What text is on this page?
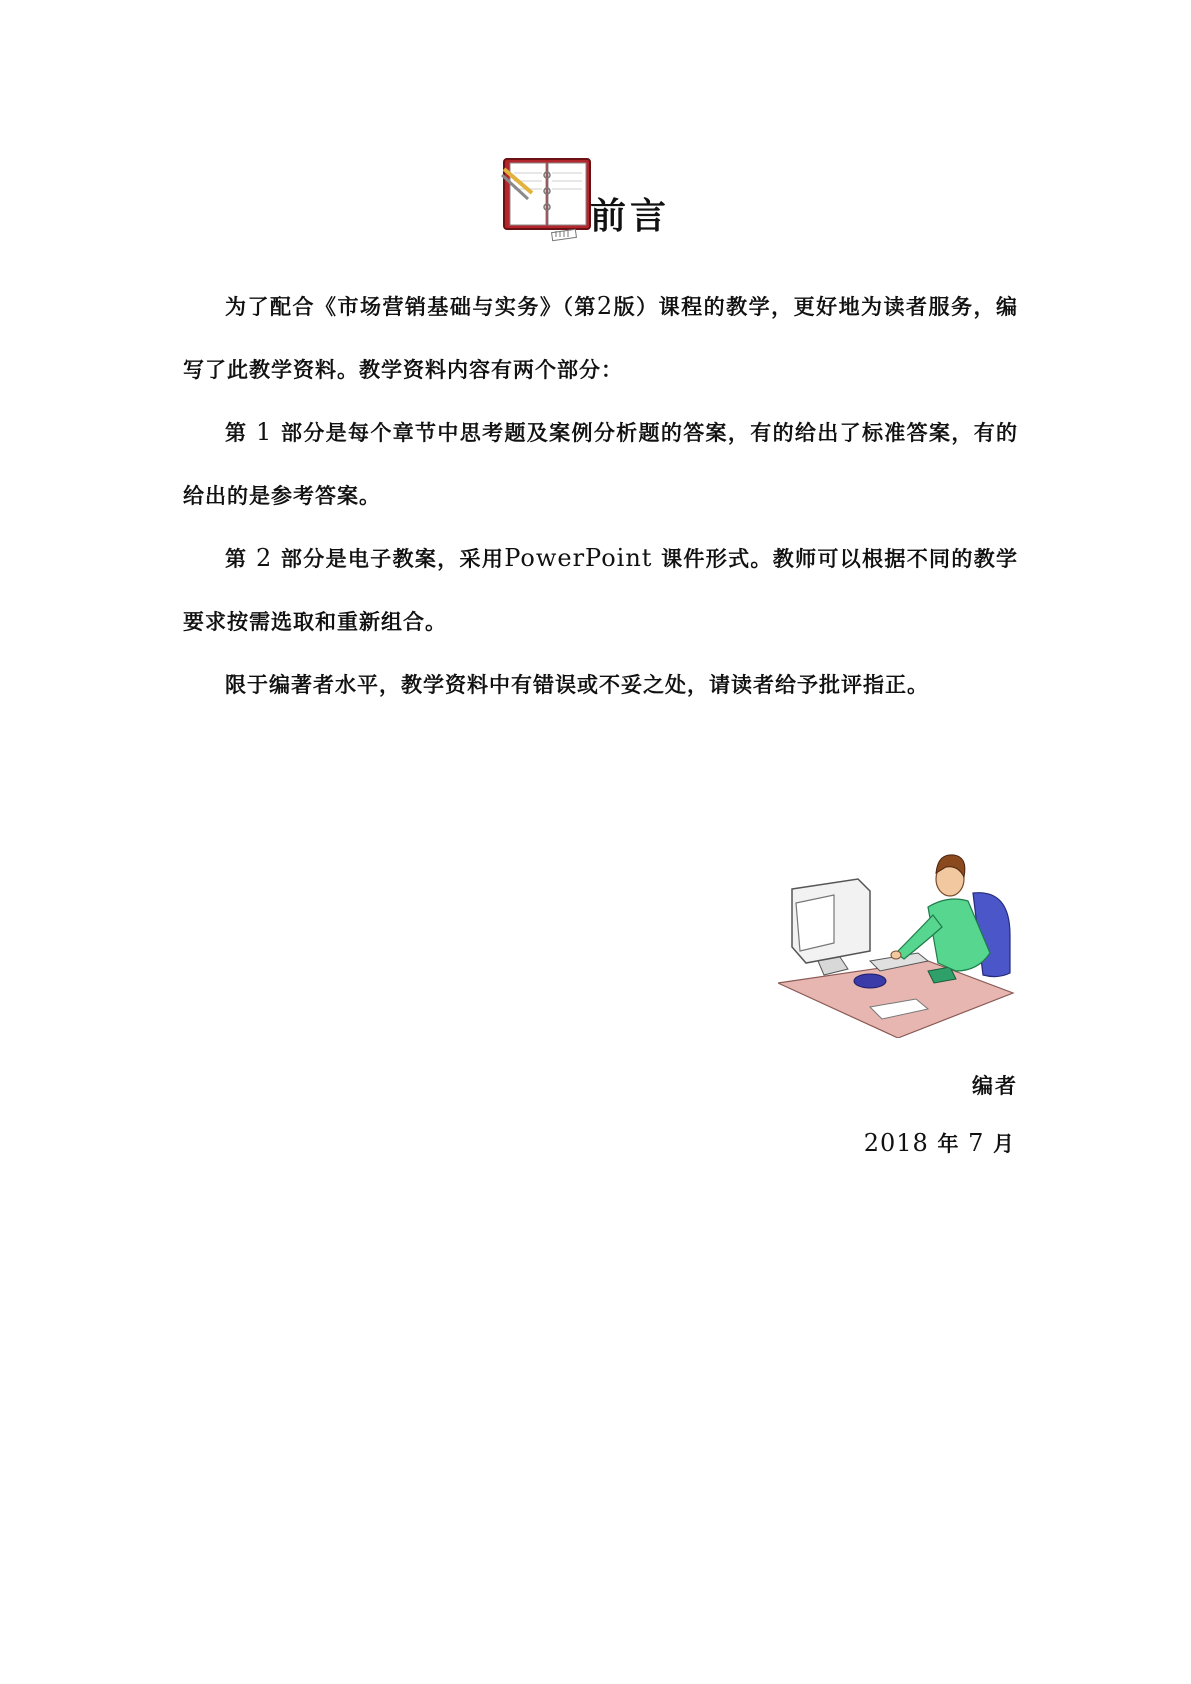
前言

为了配合《市场营销基础与实务》（第2版）课程的教学，更好地为读者服务，编写了此教学资料。教学资料内容有两个部分：

第 1 部分是每个章节中思考题及案例分析题的答案，有的给出了标准答案，有的给出的是参考答案。

第 2 部分是电子教案，采用PowerPoint 课件形式。教师可以根据不同的教学要求按需选取和重新组合。

限于编著者水平，教学资料中有错误或不妥之处，请读者给予批评指正。

编者
2018 年 7 月
